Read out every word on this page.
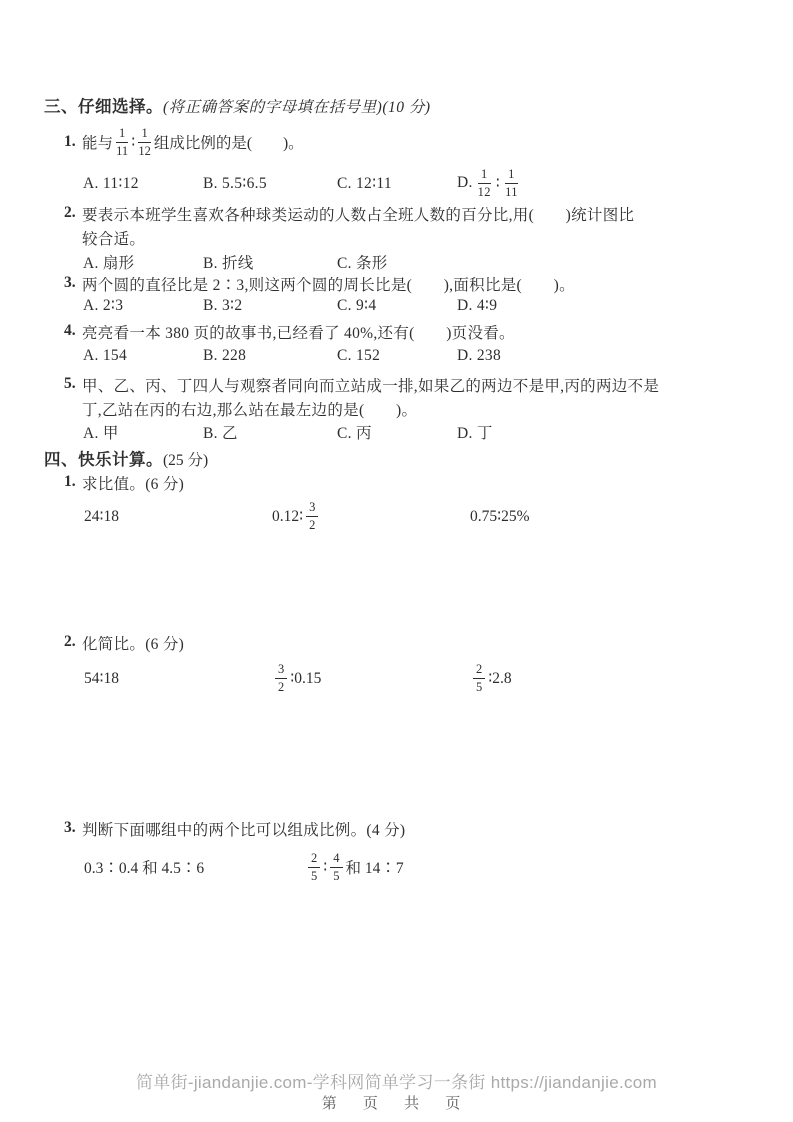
三、仔细选择。(将正确答案的字母填在括号里)(10 分)
1. 能与 $\frac{1}{11}$ ∶ $\frac{1}{12}$ 组成比例的是(　　)。
A. 11∶12	B. 5.5∶6.5	C. 12∶11	D. $\frac{1}{12}$ ∶ $\frac{1}{11}$
2. 要表示本班学生喜欢各种球类运动的人数占全班人数的百分比,用(　　)统计图比
较合适。
A. 扇形	B. 折线	C. 条形
3. 两个圆的直径比是 2∶3,则这两个圆的周长比是(　　),面积比是(　　)。
A. 2∶3	B. 3∶2	C. 9∶4	D. 4∶9
4. 亮亮看一本 380 页的故事书,已经看了 40%,还有(　　)页没看。
A. 154	B. 228	C. 152	D. 238
5. 甲、乙、丙、丁四人与观察者同向而立站成一排,如果乙的两边不是甲,丙的两边不是
丁,乙站在丙的右边,那么站在最左边的是(　　)。
A. 甲	B. 乙	C. 丙	D. 丁
四、快乐计算。(25 分)
1. 求比值。(6 分)
24∶18	0.12∶ $\frac{3}{2}$	0.75∶25%
2. 化简比。(6 分)
54∶18	$\frac{3}{2}$ ∶0.15	$\frac{2}{5}$ ∶2.8
3. 判断下面哪组中的两个比可以组成比例。(4 分)
0.3∶0.4 和 4.5∶6	$\frac{2}{5}$ ∶ $\frac{4}{5}$ 和 14∶7
简单街-jiandanjie.com-学科网简单学习一条街 https://jiandanjie.com
第 页 共 页
